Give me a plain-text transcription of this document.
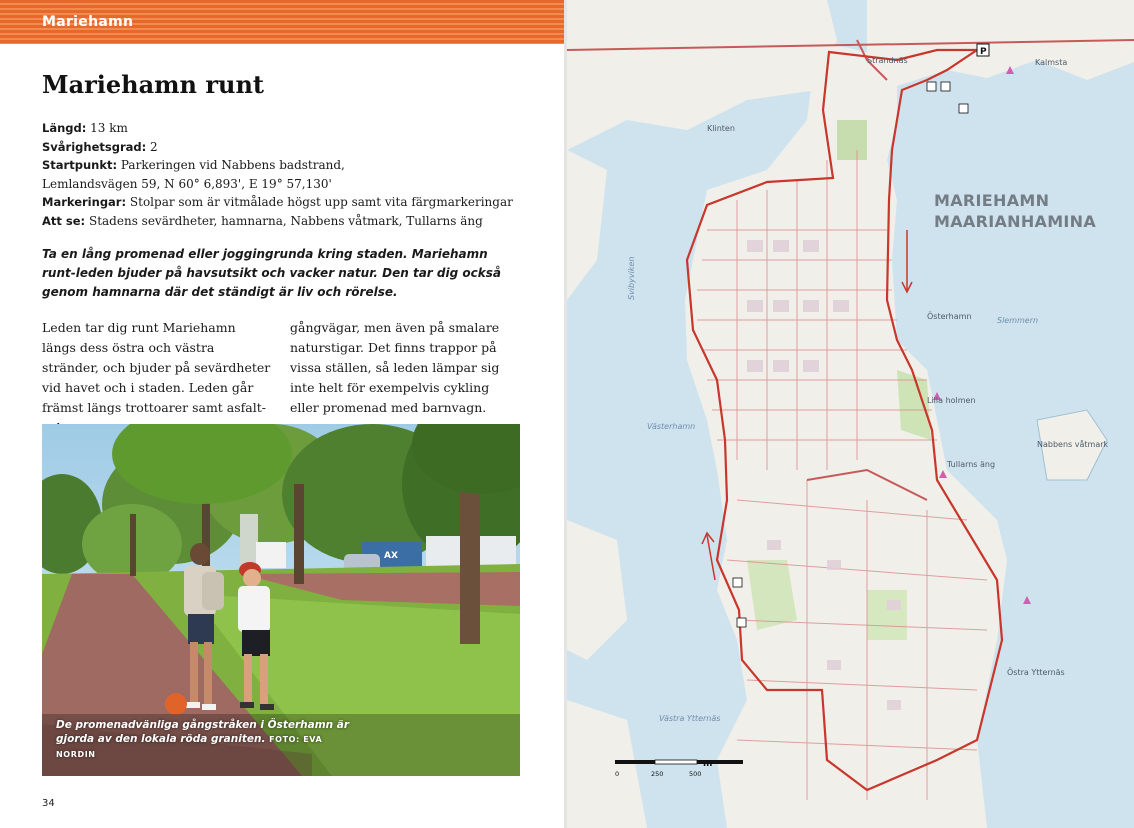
Mariehamn
Mariehamn runt
Längd: 13 km
Svårighetsgrad: 2
Startpunkt: Parkeringen vid Nabbens badstrand,
Lemlandsvägen 59, N 60° 6,893', E 19° 57,130'
Markeringar: Stolpar som är vitmålade högst upp samt vita färgmarkeringar
Att se: Stadens sevärdheter, hamnarna, Nabbens våtmark, Tullarns äng

Ta en lång promenad eller joggingrunda kring staden. Mariehamn runt-leden bjuder på havsutsikt och vacker natur. Den tar dig också genom hamnarna där det ständigt är liv och rörelse.

Leden tar dig runt Mariehamn längs dess östra och västra stränder, och bjuder på sevärdheter vid havet och i staden. Leden går främst längs trottoarer samt asfalt-

gångvägar, men även på smalare naturstigar. Det finns trappor på vissa ställen, så leden lämpar sig inte helt för exempelvis cykling eller promenad med barnvagn.

AX

De promenadvänliga gångstråken i Österhamn är gjorda av den lokala röda graniten. FOTO: EVA NORDIN

34
P
MARIEHAMN
MAARIANHAMINA
Strandnäs
Klinten
Kalmsta
Österhamn	Slemmern
Västerhamn
Östra Ytternäs
Västra Ytternäs
Lilla holmen
Tullarns äng
Svibyviken
Nabbens våtmark
m
0	250	500
